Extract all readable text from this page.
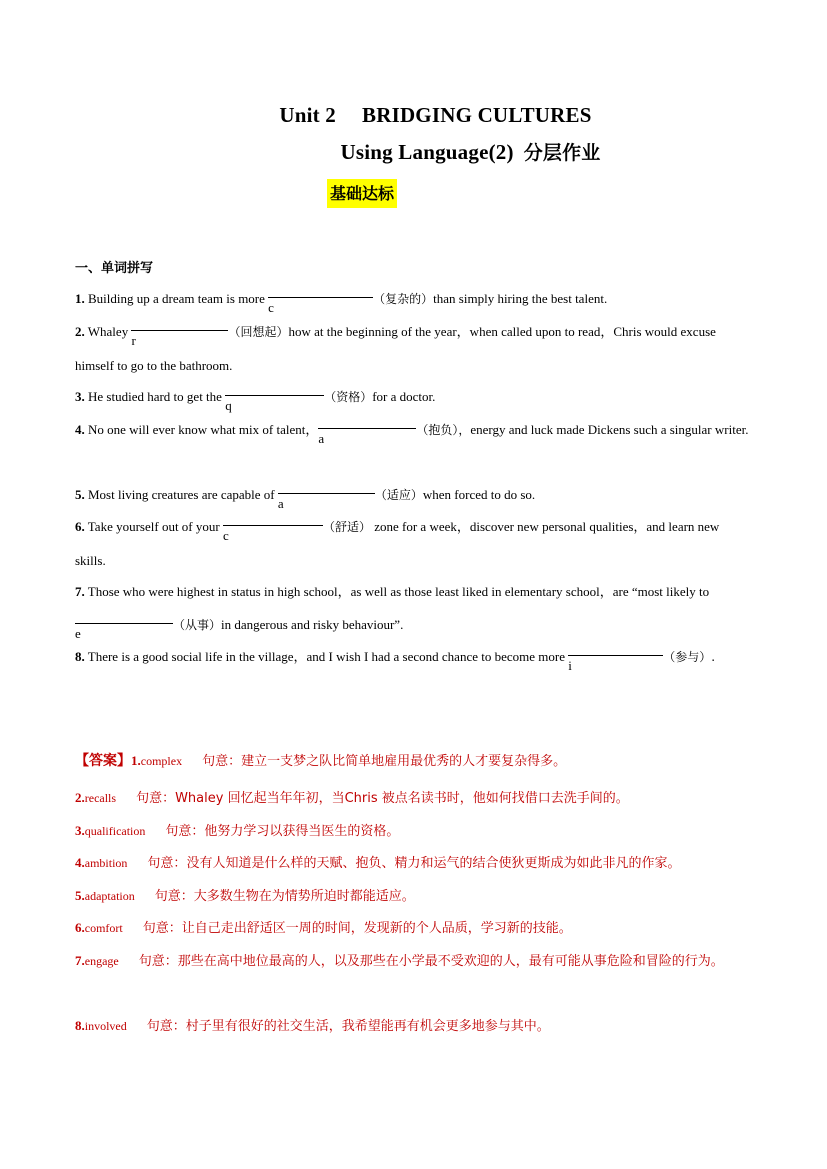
Unit 2 BRIDGING CULTURES
Using Language(2) 分层作业
基础达标
一、单词拼写
1. Building up a dream team is more c（复杂的）than simply hiring the best talent.
2. Whaley r（回想起）how at the beginning of the year，when called upon to read，Chris would excuse himself to go to the bathroom.
3. He studied hard to get the q（资格）for a doctor.
4. No one will ever know what mix of talent，a（抱负），energy and luck made Dickens such a singular writer.
5. Most living creatures are capable of a（适应）when forced to do so.
6. Take yourself out of your c（舒适） zone for a week，discover new personal qualities，and learn new skills.
7. Those who were highest in status in high school，as well as those least liked in elementary school，are “most likely to e（从事）in dangerous and risky behaviour”.
8. There is a good social life in the village，and I wish I had a second chance to become more i（参与）.
【答案】1.complex 句意：建立一支梦之队比简单地雇用最优秀的人才要复杂得多。
2.recalls 句意：Whaley 回忆起当年年初，当Chris 被点名读书时，他如何找借口去洗手间的。
3.qualification 句意：他努力学习以获得当医生的资格。
4.ambition 句意：没有人知道是什么样的天赋、抱负、精力和运气的结合使狄更斯成为如此非凡的作家。
5.adaptation 句意：大多数生物在为情势所迫时都能适应。
6.comfort 句意：让自己走出舒适区一周的时间，发现新的个人品质，学习新的技能。
7.engage 句意：那些在高中地位最高的人，以及那些在小学最不受欢迎的人，最有可能从事危险和冒险的行为。
8.involved 句意：村子里有很好的社交生活，我希望能再有机会更多地参与其中。
